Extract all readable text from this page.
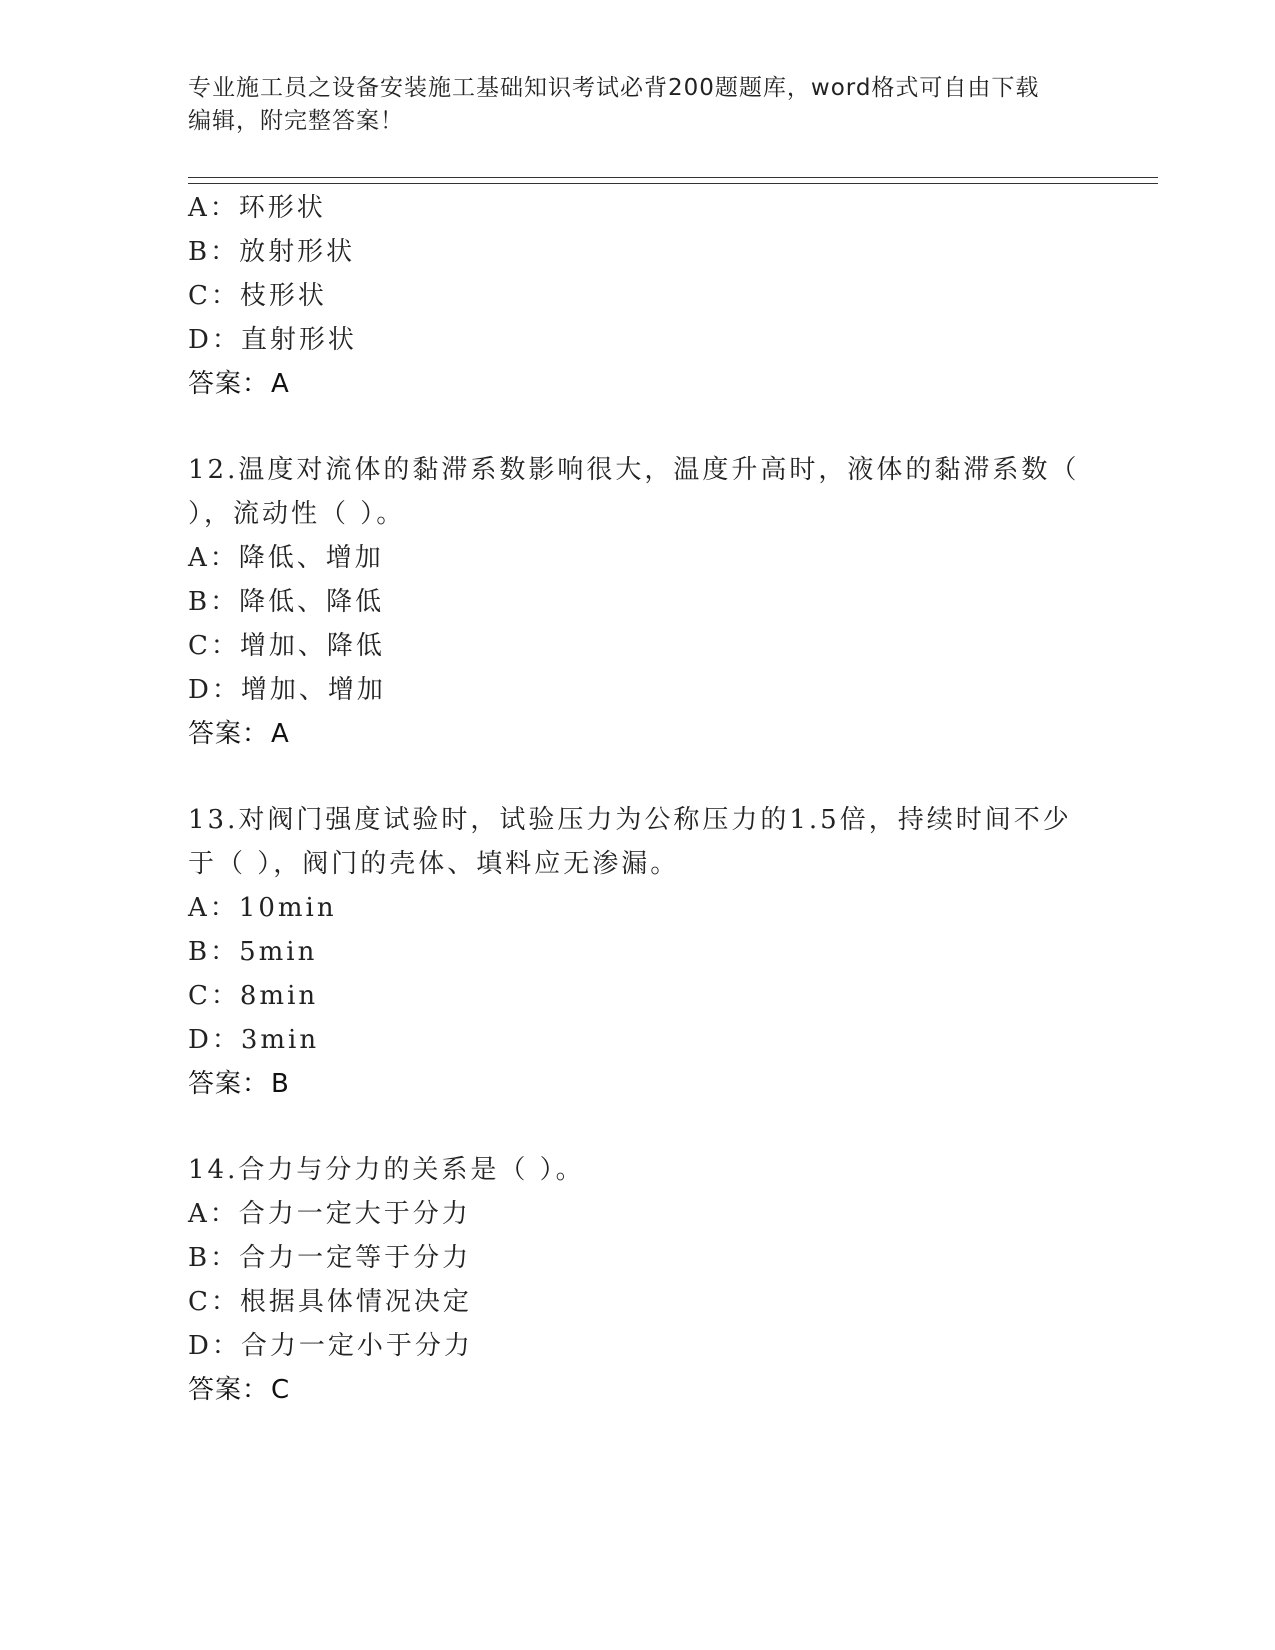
专业施工员之设备安装施工基础知识考试必背200题题库，word格式可自由下载
编辑，附完整答案！
A：环形状
B：放射形状
C：枝形状
D：直射形状
答案：A
12.温度对流体的黏滞系数影响很大，温度升高时，液体的黏滞系数（
），流动性（ ）。
A：降低、增加
B：降低、降低
C：增加、降低
D：增加、增加
答案：A
13.对阀门强度试验时，试验压力为公称压力的1.5倍，持续时间不少
于（ ），阀门的壳体、填料应无渗漏。
A：10min
B：5min
C：8min
D：3min
答案：B
14.合力与分力的关系是（ ）。
A：合力一定大于分力
B：合力一定等于分力
C：根据具体情况决定
D：合力一定小于分力
答案：C
